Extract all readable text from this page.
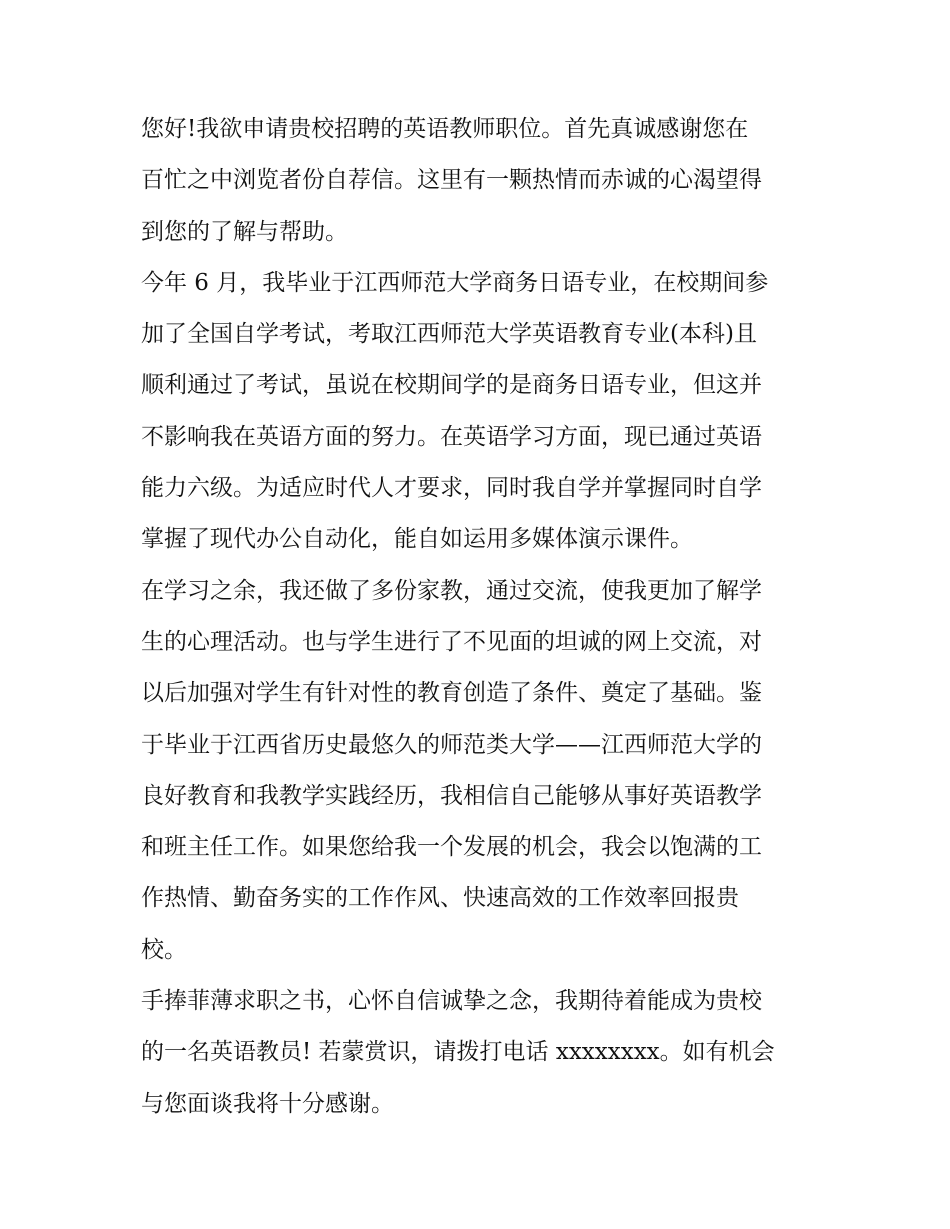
您好!我欲申请贵校招聘的英语教师职位。首先真诚感谢您在
百忙之中浏览者份自荐信。这里有一颗热情而赤诚的心渴望得
到您的了解与帮助。

今年 6 月，我毕业于江西师范大学商务日语专业，在校期间参
加了全国自学考试，考取江西师范大学英语教育专业(本科)且
顺利通过了考试，虽说在校期间学的是商务日语专业，但这并
不影响我在英语方面的努力。在英语学习方面，现已通过英语
能力六级。为适应时代人才要求，同时我自学并掌握同时自学
掌握了现代办公自动化，能自如运用多媒体演示课件。

在学习之余，我还做了多份家教，通过交流，使我更加了解学
生的心理活动。也与学生进行了不见面的坦诚的网上交流，对
以后加强对学生有针对性的教育创造了条件、奠定了基础。鉴
于毕业于江西省历史最悠久的师范类大学——江西师范大学的
良好教育和我教学实践经历，我相信自己能够从事好英语教学
和班主任工作。如果您给我一个发展的机会，我会以饱满的工
作热情、勤奋务实的工作作风、快速高效的工作效率回报贵
校。

手捧菲薄求职之书，心怀自信诚挚之念，我期待着能成为贵校
的一名英语教员! 若蒙赏识，请拨打电话 xxxxxxxx。如有机会
与您面谈我将十分感谢。
